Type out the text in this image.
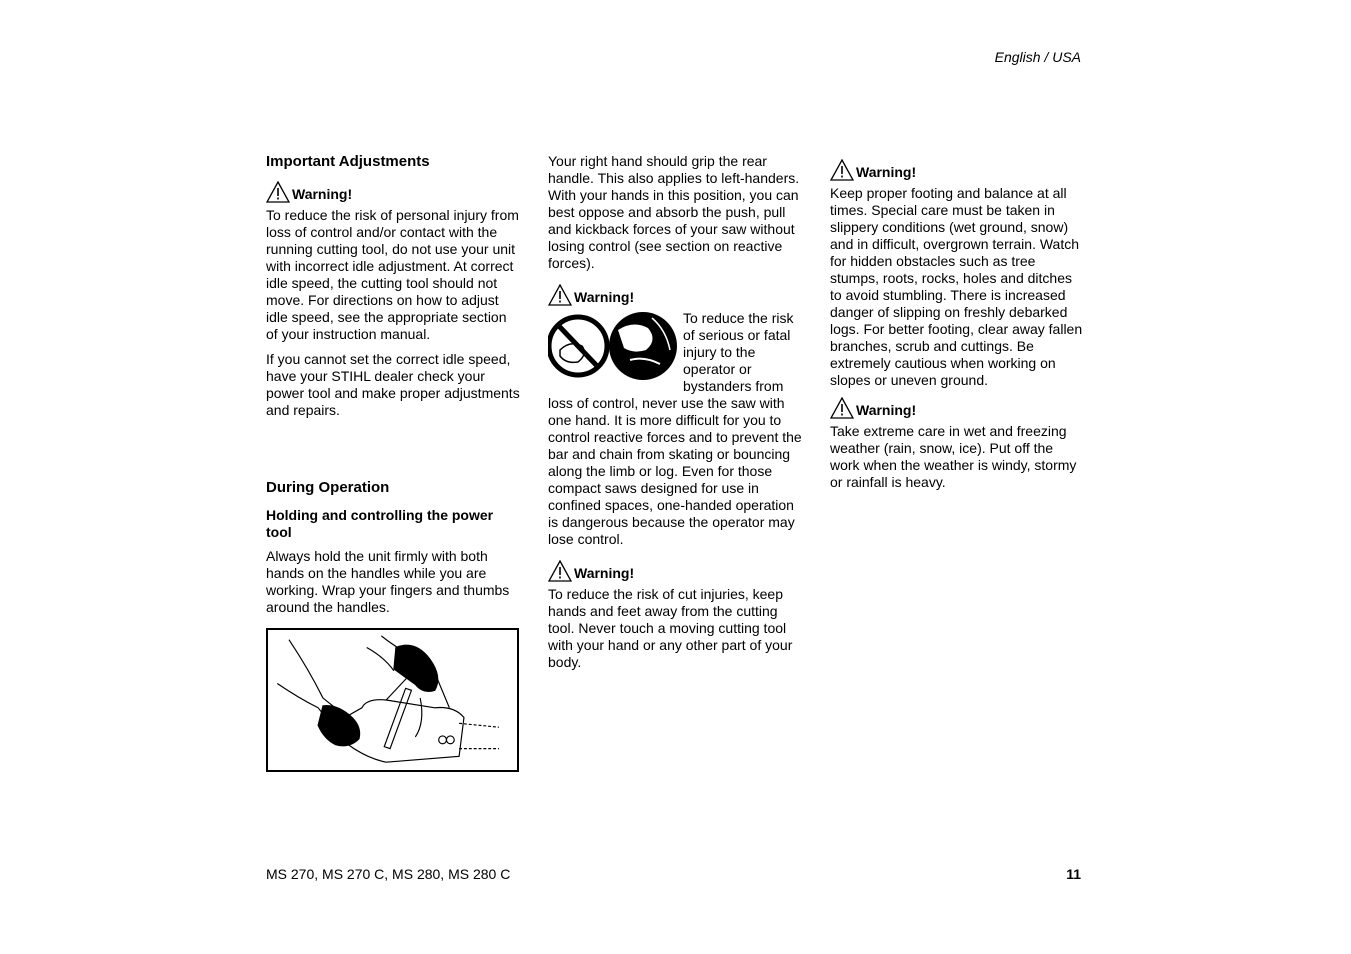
English / USA
Important Adjustments
Warning!

To reduce the risk of personal injury from loss of control and/or contact with the running cutting tool, do not use your unit with incorrect idle adjustment. At correct idle speed, the cutting tool should not move. For directions on how to adjust idle speed, see the appropriate section of your instruction manual.

If you cannot set the correct idle speed, have your STIHL dealer check your power tool and make proper adjustments and repairs.

During Operation
Holding and controlling the power tool

Always hold the unit firmly with both hands on the handles while you are working. Wrap your fingers and thumbs around the handles.

Your right hand should grip the rear handle. This also applies to left-handers. With your hands in this position, you can best oppose and absorb the push, pull and kickback forces of your saw without losing control (see section on reactive forces).

Warning!

To reduce the risk of serious or fatal injury to the operator or bystanders from loss of control, never use the saw with one hand. It is more difficult for you to control reactive forces and to prevent the bar and chain from skating or bouncing along the limb or log. Even for those compact saws designed for use in confined spaces, one-handed operation is dangerous because the operator may lose control.

Warning!

To reduce the risk of cut injuries, keep hands and feet away from the cutting tool. Never touch a moving cutting tool with your hand or any other part of your body.

Warning!

Keep proper footing and balance at all times. Special care must be taken in slippery conditions (wet ground, snow) and in difficult, overgrown terrain. Watch for hidden obstacles such as tree stumps, roots, rocks, holes and ditches to avoid stumbling. There is increased danger of slipping on freshly debarked logs. For better footing, clear away fallen branches, scrub and cuttings. Be extremely cautious when working on slopes or uneven ground.

Warning!

Take extreme care in wet and freezing weather (rain, snow, ice). Put off the work when the weather is windy, stormy or rainfall is heavy.

MS 270, MS 270 C, MS 280, MS 280 C	11
